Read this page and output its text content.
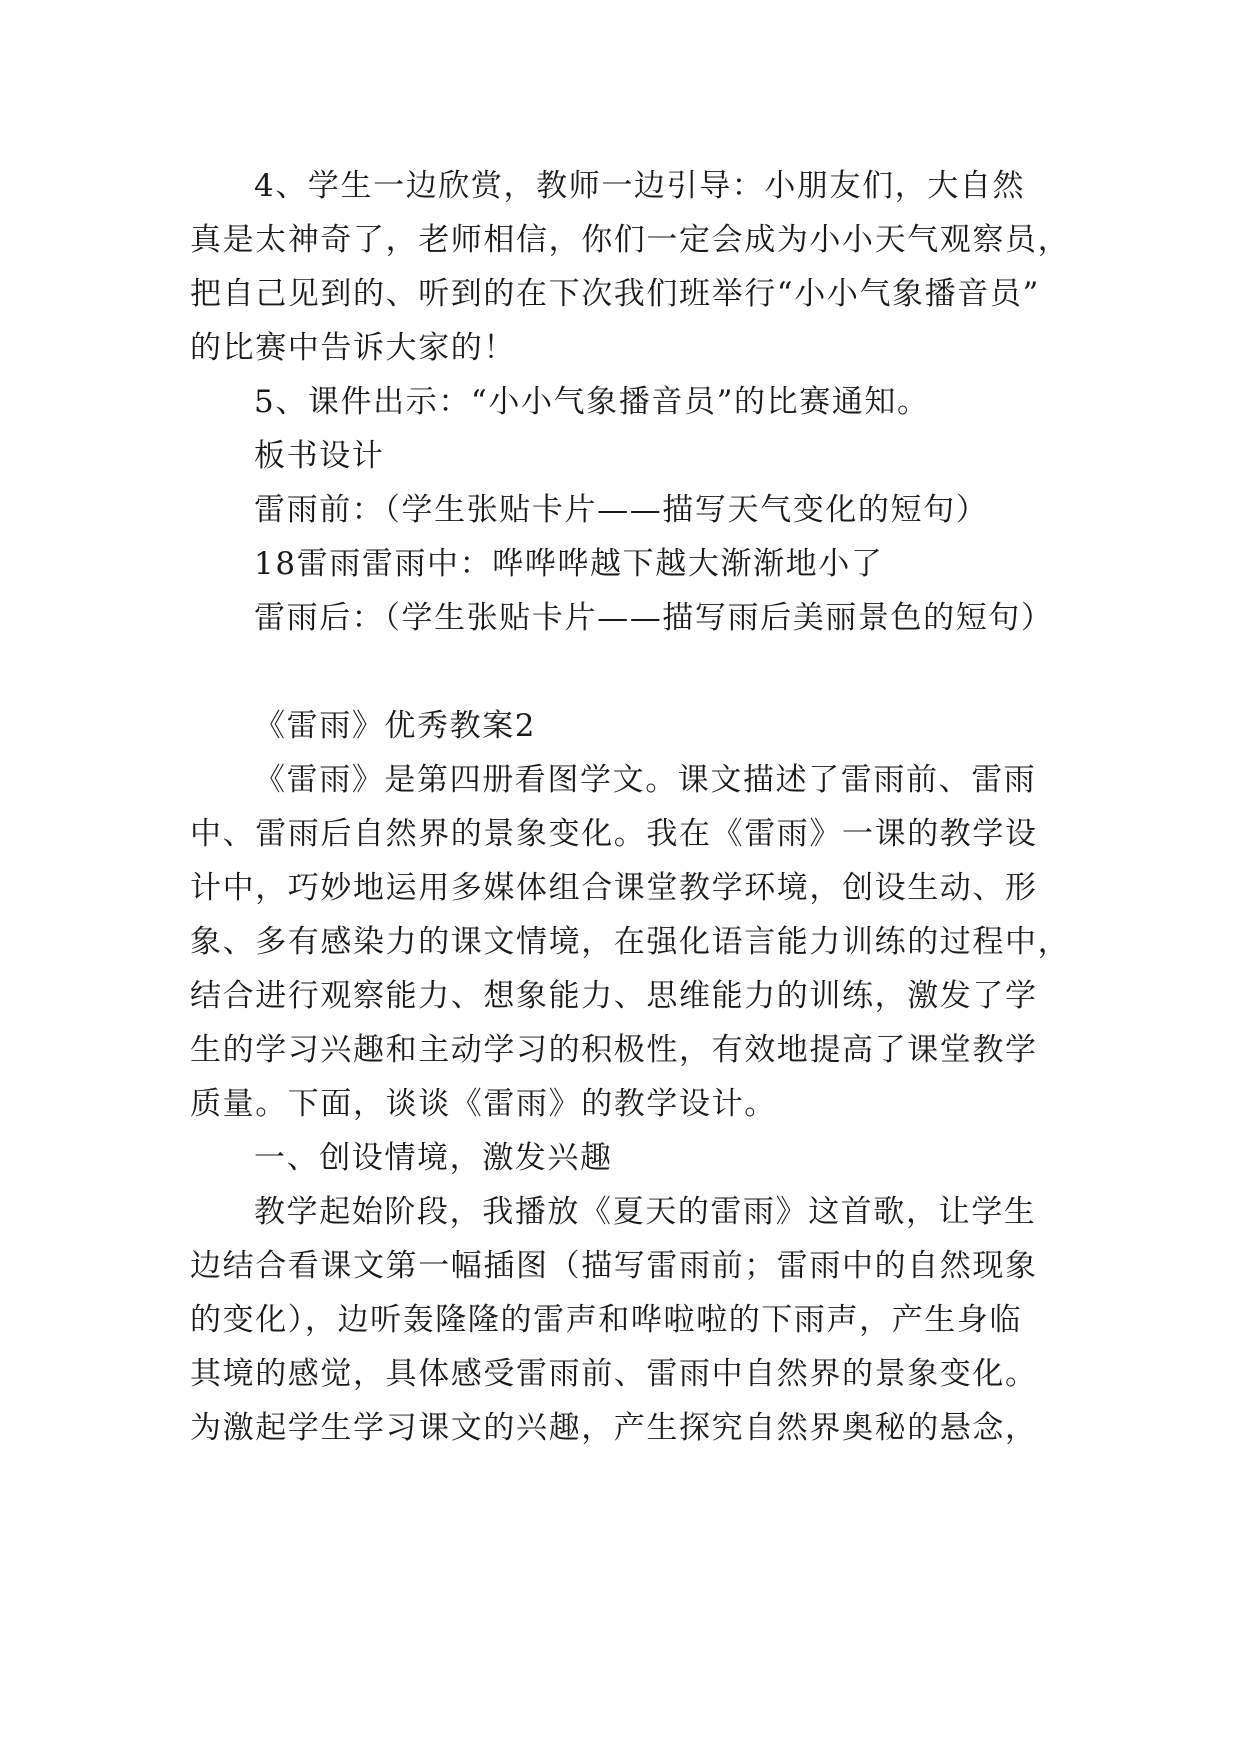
4、学生一边欣赏，教师一边引导：小朋友们，大自然
真是太神奇了，老师相信，你们一定会成为小小天气观察员，
把自己见到的、听到的在下次我们班举行“小小气象播音员”
的比赛中告诉大家的！
5、课件出示：“小小气象播音员”的比赛通知。
板书设计
雷雨前：（学生张贴卡片——描写天气变化的短句）
18雷雨雷雨中：哗哗哗越下越大渐渐地小了
雷雨后：（学生张贴卡片——描写雨后美丽景色的短句）
《雷雨》优秀教案2
《雷雨》是第四册看图学文。课文描述了雷雨前、雷雨
中、雷雨后自然界的景象变化。我在《雷雨》一课的教学设
计中，巧妙地运用多媒体组合课堂教学环境，创设生动、形
象、多有感染力的课文情境，在强化语言能力训练的过程中，
结合进行观察能力、想象能力、思维能力的训练，激发了学
生的学习兴趣和主动学习的积极性，有效地提高了课堂教学
质量。下面，谈谈《雷雨》的教学设计。
一、创设情境，激发兴趣
教学起始阶段，我播放《夏天的雷雨》这首歌，让学生
边结合看课文第一幅插图（描写雷雨前；雷雨中的自然现象
的变化），边听轰隆隆的雷声和哗啦啦的下雨声，产生身临
其境的感觉，具体感受雷雨前、雷雨中自然界的景象变化。
为激起学生学习课文的兴趣，产生探究自然界奥秘的悬念，
